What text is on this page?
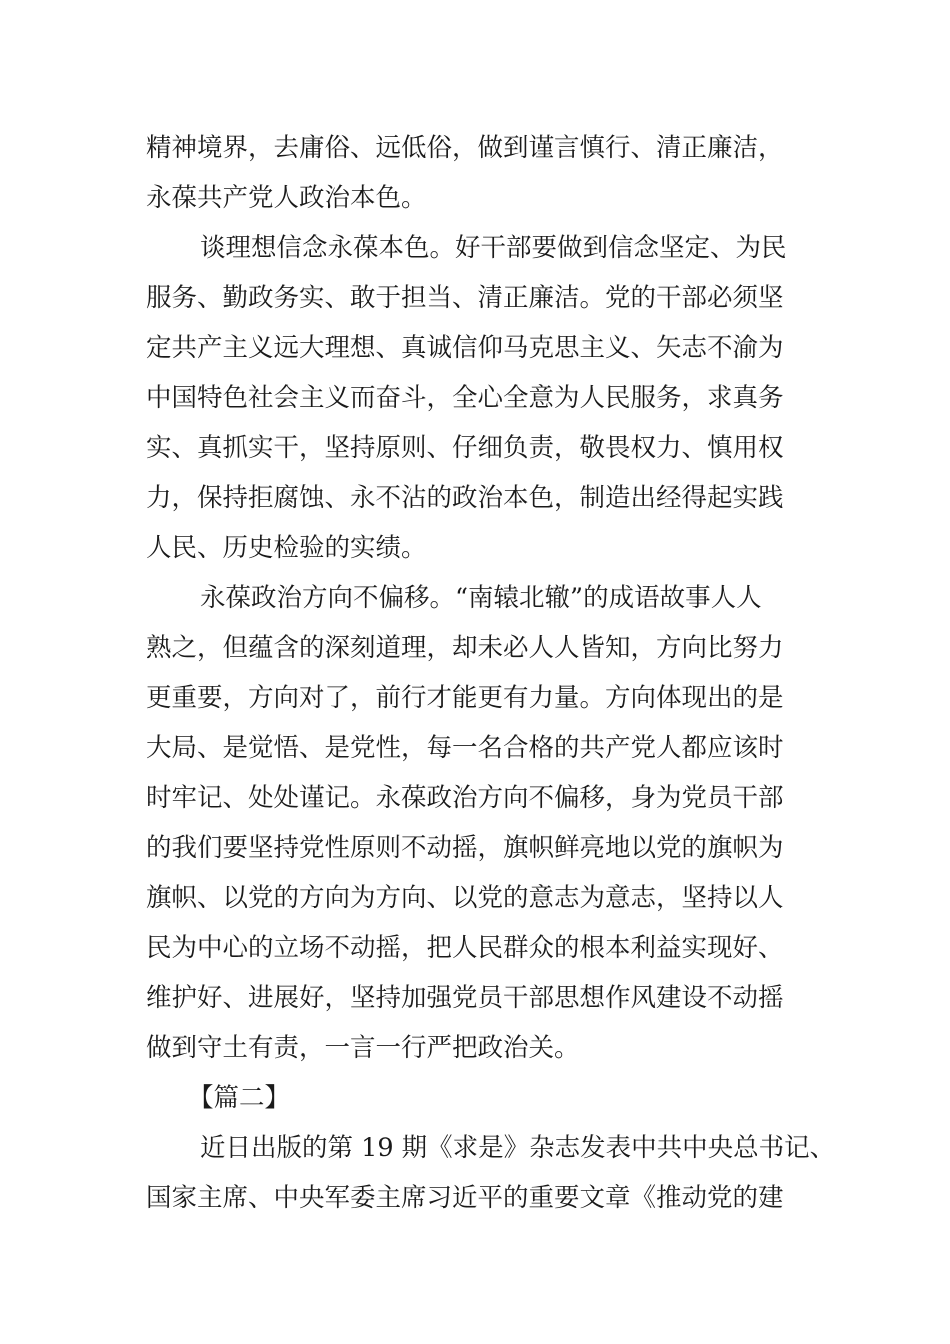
精神境界，去庸俗、远低俗，做到谨言慎行、清正廉洁，
永葆共产党人政治本色。
谈理想信念永葆本色。好干部要做到信念坚定、为民
服务、勤政务实、敢于担当、清正廉洁。党的干部必须坚
定共产主义远大理想、真诚信仰马克思主义、矢志不渝为
中国特色社会主义而奋斗，全心全意为人民服务，求真务
实、真抓实干，坚持原则、仔细负责，敬畏权力、慎用权
力，保持拒腐蚀、永不沾的政治本色，制造出经得起实践
人民、历史检验的实绩。
永葆政治方向不偏移。“南辕北辙”的成语故事人人
熟之，但蕴含的深刻道理，却未必人人皆知，方向比努力
更重要，方向对了，前行才能更有力量。方向体现出的是
大局、是觉悟、是党性，每一名合格的共产党人都应该时
时牢记、处处谨记。永葆政治方向不偏移，身为党员干部
的我们要坚持党性原则不动摇，旗帜鲜亮地以党的旗帜为
旗帜、以党的方向为方向、以党的意志为意志，坚持以人
民为中心的立场不动摇，把人民群众的根本利益实现好、
维护好、进展好，坚持加强党员干部思想作风建设不动摇
做到守土有责，一言一行严把政治关。
【篇二】
近日出版的第 19 期《求是》杂志发表中共中央总书记、
国家主席、中央军委主席习近平的重要文章《推动党的建
